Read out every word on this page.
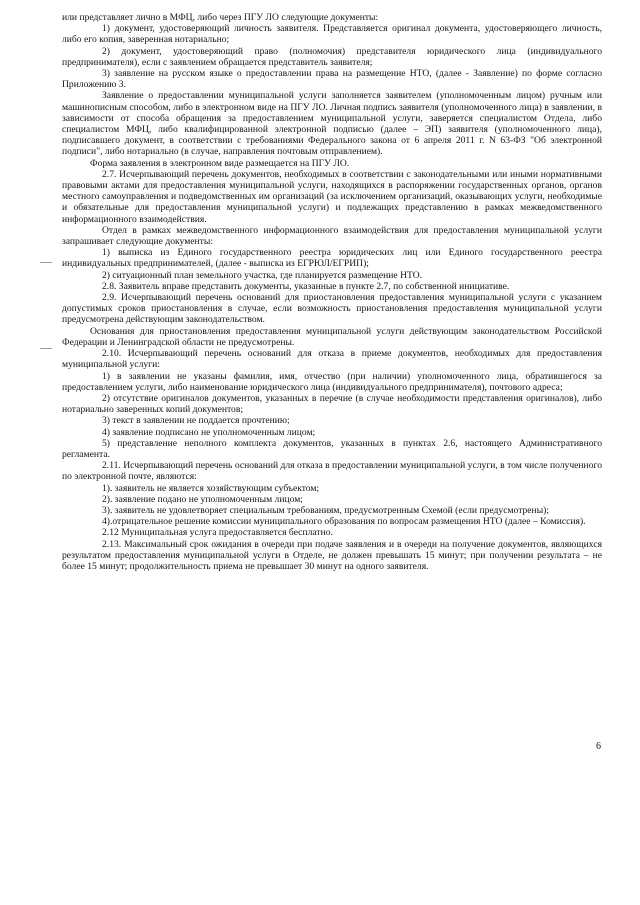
или представляет лично в МФЦ, либо через ПГУ ЛО следующие документы:

1) документ, удостоверяющий личность заявителя. Представляется оригинал документа, удостоверяющего личность, либо его копия, заверенная нотариально;

2) документ, удостоверяющий право (полномочия) представителя юридического лица (индивидуального предпринимателя), если с заявлением обращается представитель заявителя;

3) заявление на русском языке о предоставлении права на размещение НТО, (далее - Заявление) по форме согласно Приложению 3.

Заявление о предоставлении муниципальной услуги заполняется заявителем (уполномоченным лицом) ручным или машинописным способом, либо в электронном виде на ПГУ ЛО. Личная подпись заявителя (уполномоченного лица) в заявлении, в зависимости от способа обращения за предоставлением муниципальной услуги, заверяется специалистом Отдела, либо специалистом МФЦ, либо квалифицированной электронной подписью (далее – ЭП) заявителя (уполномоченного лица), подписавшего документ, в соответствии с требованиями Федерального закона от 6 апреля 2011 г. N 63-ФЗ "Об электронной подписи", либо нотариально (в случае, направления почтовым отправлением).

Форма заявления в электронном виде размещается на ПГУ ЛО.

2.7. Исчерпывающий перечень документов, необходимых в соответствии с законодательными или иными нормативными правовыми актами для предоставления муниципальной услуги, находящихся в распоряжении государственных органов, органов местного самоуправления и подведомственных им организаций (за исключением организаций, оказывающих услуги, необходимые и обязательные для предоставления муниципальной услуги) и подлежащих представлению в рамках межведомственного информационного взаимодействия.

Отдел в рамках межведомственного информационного взаимодействия для предоставления муниципальной услуги запрашивает следующие документы:

1) выписка из Единого государственного реестра юридических лиц или Единого государственного реестра индивидуальных предпринимателей, (далее - выписка из ЕГРЮЛ/ЕГРИП);

2) ситуационный план земельного участка, где планируется размещение НТО.

2.8. Заявитель вправе представить документы, указанные в пункте 2.7, по собственной инициативе.

2.9. Исчерпывающий перечень оснований для приостановления предоставления муниципальной услуги с указанием допустимых сроков приостановления в случае, если возможность приостановления предоставления муниципальной услуги предусмотрена действующим законодательством.

Основания для приостановления предоставления муниципальной услуги действующим законодательством Российской Федерации и Ленинградской области не предусмотрены.

2.10. Исчерпывающий перечень оснований для отказа в приеме документов, необходимых для предоставления муниципальной услуги:

1) в заявлении не указаны фамилия, имя, отчество (при наличии) уполномоченного лица, обратившегося за предоставлением услуги, либо наименование юридического лица (индивидуального предпринимателя), почтового адреса;

2) отсутствие оригиналов документов, указанных в перечне (в случае необходимости представления оригиналов), либо нотариально заверенных копий документов;

3) текст в заявлении не поддается прочтению;

4) заявление подписано не уполномоченным лицом;

5) представление неполного комплекта документов, указанных в пунктах 2.6, настоящего Административного регламента.

2.11. Исчерпывающий перечень оснований для отказа в предоставлении муниципальной услуги, в том числе полученного по электронной почте, являются:

1). заявитель не является хозяйствующим субъектом;

2). заявление подано не уполномоченным лицом;

3). заявитель не удовлетворяет специальным требованиям, предусмотренным Схемой (если предусмотрены);

4).отрицательное решение комиссии муниципального образования по вопросам размещения НТО (далее – Комиссия).

2.12 Муниципальная услуга предоставляется бесплатно.

2.13. Максимальный срок ожидания в очереди при подаче заявления и в очереди на получение документов, являющихся результатом предоставления муниципальной услуги в Отделе, не должен превышать 15 минут; при получении результата – не более 15 минут; продолжительность приема не превышает 30 минут на одного заявителя.

6
